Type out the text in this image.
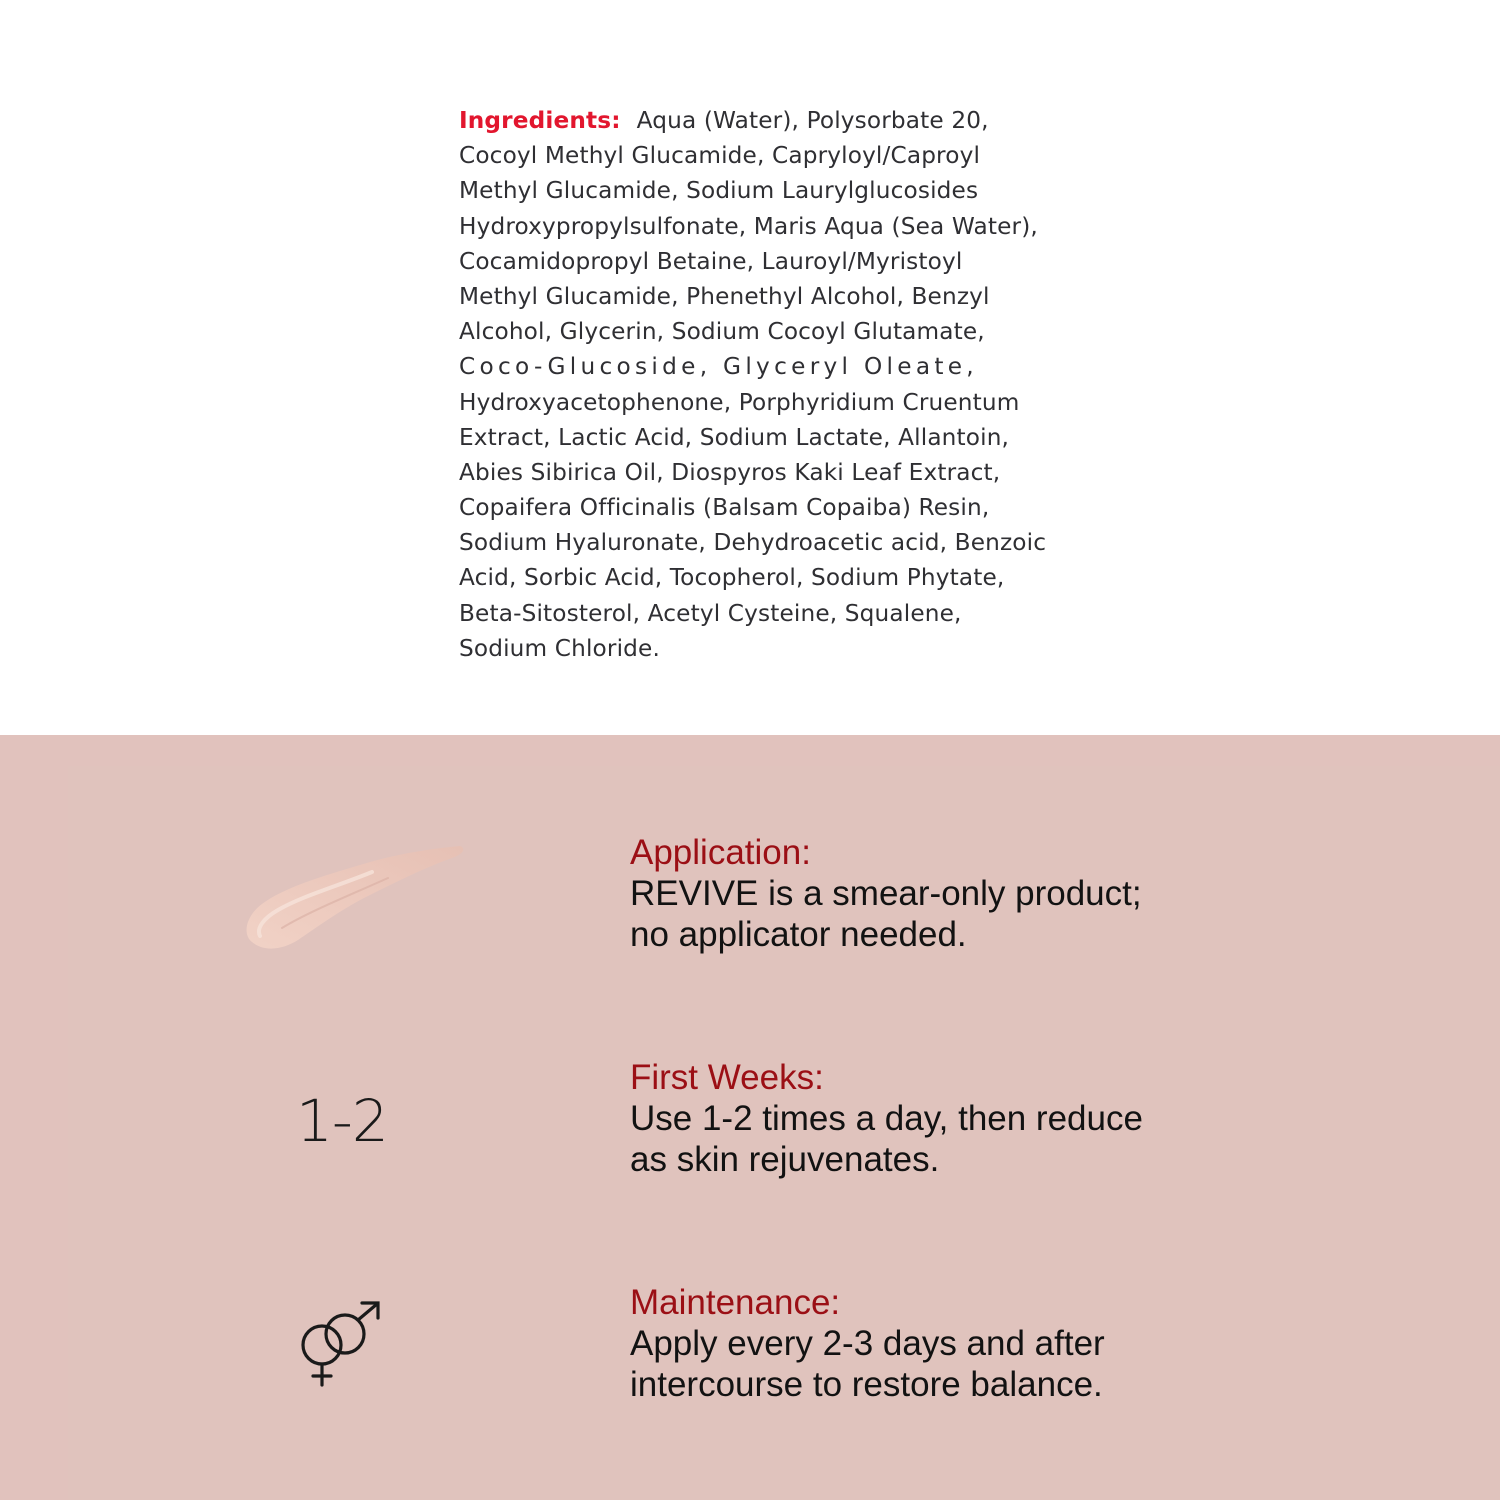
Ingredients: Aqua (Water), Polysorbate 20,
Cocoyl Methyl Glucamide, Capryloyl/Caproyl
Methyl Glucamide, Sodium Laurylglucosides
Hydroxypropylsulfonate, Maris Aqua (Sea Water),
Cocamidopropyl Betaine, Lauroyl/Myristoyl
Methyl Glucamide, Phenethyl Alcohol, Benzyl
Alcohol, Glycerin, Sodium Cocoyl Glutamate,
Coco-Glucoside, Glyceryl Oleate,
Hydroxyacetophenone, Porphyridium Cruentum
Extract, Lactic Acid, Sodium Lactate, Allantoin,
Abies Sibirica Oil, Diospyros Kaki Leaf Extract,
Copaifera Officinalis (Balsam Copaiba) Resin,
Sodium Hyaluronate, Dehydroacetic acid, Benzoic
Acid, Sorbic Acid, Tocopherol, Sodium Phytate,
Beta-Sitosterol, Acetyl Cysteine, Squalene,
Sodium Chloride.
1-2
Application:
REVIVE is a smear-only product;
no applicator needed.
First Weeks:
Use 1-2 times a day, then reduce
as skin rejuvenates.
Maintenance:
Apply every 2-3 days and after
intercourse to restore balance.
